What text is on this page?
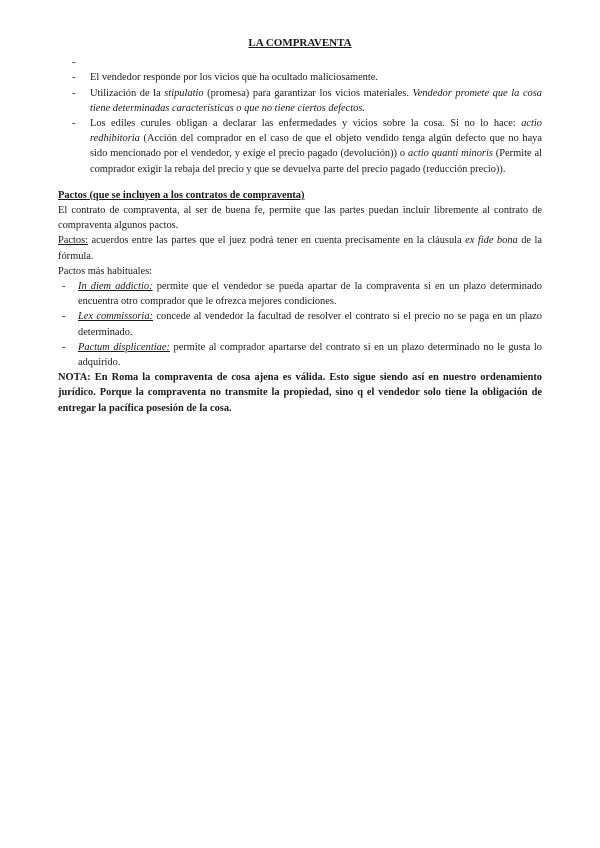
LA COMPRAVENTA
-
-	El vendedor responde por los vicios que ha ocultado maliciosamente.
-	Utilización de la stipulatio (promesa) para garantizar los vicios materiales. Vendedor promete que la cosa tiene determinadas características o que no tiene ciertos defectos.
-	Los ediles curules obligan a declarar las enfermedades y vicios sobre la cosa. Si no lo hace: actio redhibitoria (Acción del comprador en el caso de que el objeto vendido tenga algún defecto que no haya sido mencionado por el vendedor, y exige el precio pagado (devolución)) o actio quanti minoris (Permite al comprador exigir la rebaja del precio y que se devuelva parte del precio pagado (reducción precio)).
Pactos (que se incluyen a los contratos de compraventa)
El contrato de compraventa, al ser de buena fe, permite que las partes puedan incluir libremente al contrato de compraventa algunos pactos.
Pactos: acuerdos entre las partes que el juez podrá tener en cuenta precisamente en la cláusula ex fide bona de la fórmula.
Pactos más habituales:
-	In diem addictio: permite que el vendedor se pueda apartar de la compraventa si en un plazo determinado encuentra otro comprador que le ofrezca mejores condiciones.
-	Lex commissoria: concede al vendedor la facultad de resolver el contrato si el precio no se paga en un plazo determinado.
-	Pactum displicentiae: permite al comprador apartarse del contrato si en un plazo determinado no le gusta lo adquirido.
NOTA: En Roma la compraventa de cosa ajena es válida. Esto sigue siendo así en nuestro ordenamiento jurídico. Porque la compraventa no transmite la propiedad, sino q el vendedor solo tiene la obligación de entregar la pacífica posesión de la cosa.
